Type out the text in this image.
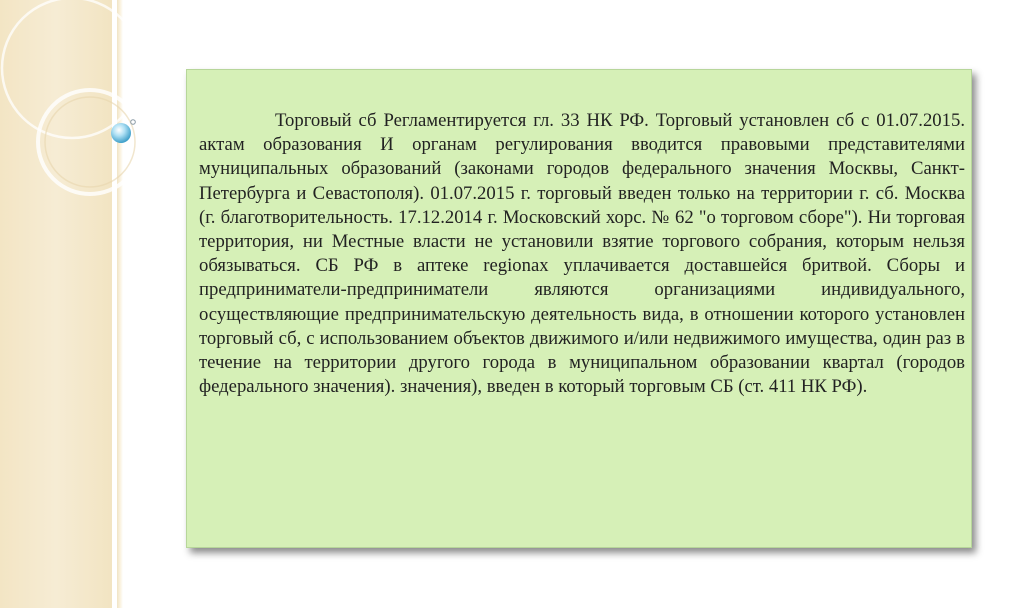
Торговый сб Регламентируется гл. 33 НК РФ. Торговый установлен сб с 01.07.2015. актам образования И органам регулирования вводится правовыми представителями муниципальных образований (законами городов федерального значения Москвы, Санкт-Петербурга и Севастополя). 01.07.2015 г. торговый введен только на территории г. сб. Москва (г. благотворительность. 17.12.2014 г. Московский хорс. № 62 "о торговом сборе"). Ни торговая территория, ни Местные власти не установили взятие торгового собрания, которым нельзя обязываться. СБ РФ в аптеке regionах уплачивается доставшейся бритвой. Сборы и предприниматели-предприниматели являются организациями индивидуального, осуществляющие предпринимательскую деятельность вида, в отношении которого установлен торговый сб, с использованием объектов движимого и/или недвижимого имущества, один раз в течение на территории другого города в муниципальном образовании квартал (городов федерального значения). значения), введен в который торговым СБ (ст. 411 НК РФ).
